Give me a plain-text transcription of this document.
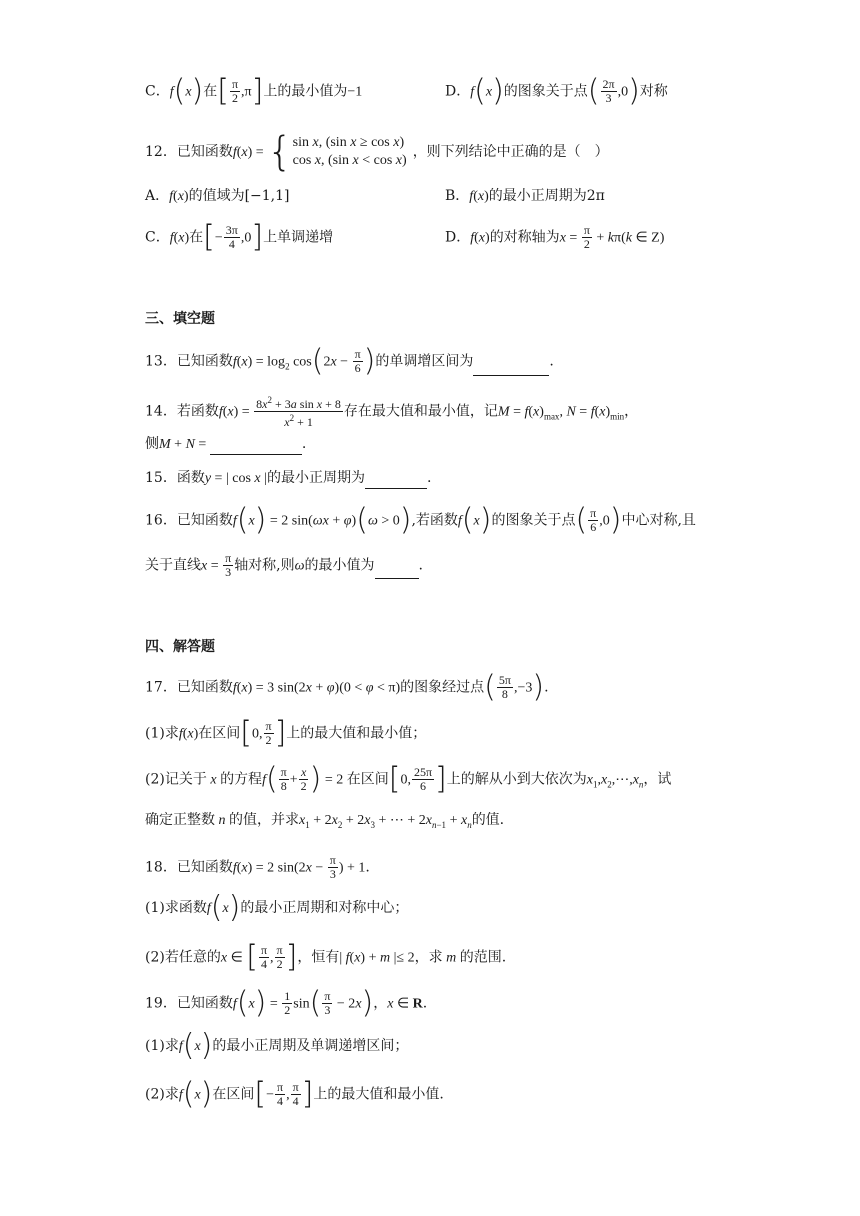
C．f(x)在[ $\frac{\pi}{2} ,\pi$]上的最小值为−1	D．f(x)的图象关于点( $\frac{2\pi}{3} ,0$)对称
12．已知函数f(x) = { sin x, (sin x ≥ cos x)
cos x, (sin x < cos x)
，则下列结论中正确的是（　）
A．f(x)的值域为[−1,1]	B．f(x)的最小正周期为2π
C．f(x)在[− $\frac{3\pi}{4} ,0$]上单调递增	D．f(x)的对称轴为$x = \frac{\pi}{2} + k\pi(k$ ∈ Z)
三、填空题
13．已知函数$f(x) = \log_2 \cos(2x - \frac{\pi}{6}$ )的单调增区间为	.
14．若函数$f(x) = \frac{8x^2 + 3a \sin x + 8}{x^2 + 1}$ 存在最大值和最小值，记$M = f(x)_{max}$, $N = f(x)_{min}$，
侧M + N =	.
15．函数y = | cos x |的最小正周期为	.
16．已知函数f(x) = 2 sin(ωx + φ)(ω > 0),若函数f(x)的图象关于点( $\frac{\pi}{6} ,0$)中心对称,且
关于直线$x = \frac{\pi}{3}$ 轴对称,则ω的最小值为	.
四、解答题
17．已知函数f(x) = 3 sin(2x + φ)(0 < φ < π)的图象经过点( $\frac{5\pi}{8} ,-3$).
(1)求f(x)在区间[0, $\frac{\pi}{2}$ ]上的最大值和最小值；
(2)记关于 x 的方程$f( \frac{\pi}{8} + \frac{x}{2}$ ) = 2 在区间[0, $\frac{25\pi}{6}$ ]上的解从小到大依次为$x_1,x_2,\cdots,x_n$，试
确定正整数 n 的值，并求$x_1 + 2x_2 + 2x_3$ + ⋯ + $2x_{n-1} + x_n$的值.
18．已知函数f(x) = 2 $\sin(2x - \frac{\pi}{3}$ ) + 1.
(1)求函数f(x)的最小正周期和对称中心；
(2)若任意的x ∈ [ $\frac{\pi}{4}$ , $\frac{\pi}{2}$ ]，恒有| f(x) + m |≤ 2，求 m 的范围.
19．已知函数$f(x) = \frac{1}{2} \sin( \frac{\pi}{3} - 2x)$，x ∈ R.
(1)求f(x)的最小正周期及单调递增区间；
(2)求f(x)在区间[− $\frac{\pi}{4}$ , $\frac{\pi}{4}$ ]上的最大值和最小值.
